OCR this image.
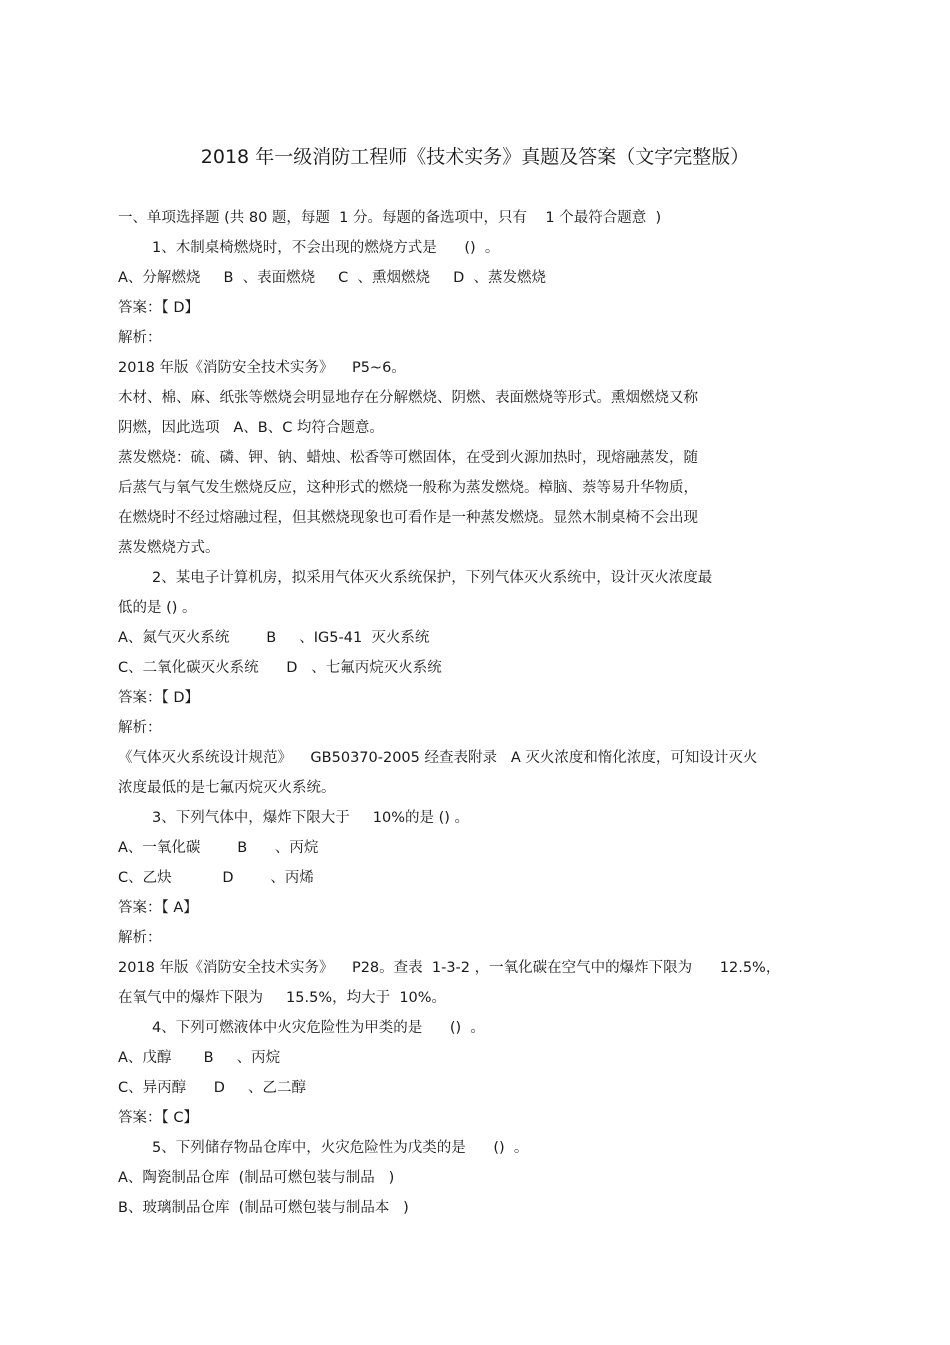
2018 年一级消防工程师《技术实务》真题及答案（文字完整版）
一、单项选择题 (共 80 题，每题  1 分。每题的备选项中，只有    1 个最符合题意  )
1、木制桌椅燃烧时，不会出现的燃烧方式是      ()  。
A、分解燃烧     B  、表面燃烧     C  、熏烟燃烧     D  、蒸发燃烧
答案：【 D】
解析：
2018 年版《消防安全技术实务》    P5~6。
木材、棉、麻、纸张等燃烧会明显地存在分解燃烧、阴燃、表面燃烧等形式。熏烟燃烧又称
阴燃，因此选项   A、B、C 均符合题意。
蒸发燃烧：硫、磷、钾、钠、蜡烛、松香等可燃固体，在受到火源加热时，现熔融蒸发，随
后蒸气与氧气发生燃烧反应，这种形式的燃烧一般称为蒸发燃烧。樟脑、萘等易升华物质，
在燃烧时不经过熔融过程，但其燃烧现象也可看作是一种蒸发燃烧。显然木制桌椅不会出现
蒸发燃烧方式。
2、某电子计算机房，拟采用气体灭火系统保护，下列气体灭火系统中，设计灭火浓度最
低的是 () 。
A、氮气灭火系统        B     、IG5-41  灭火系统
C、二氧化碳灭火系统      D   、七氟丙烷灭火系统
答案：【 D】
解析：
《气体灭火系统设计规范》    GB50370-2005 经查表附录   A 灭火浓度和惰化浓度，可知设计灭火
浓度最低的是七氟丙烷灭火系统。
3、下列气体中，爆炸下限大于     10%的是 () 。
A、一氧化碳        B      、丙烷
C、乙炔           D        、丙烯
答案：【 A】
解析：
2018 年版《消防安全技术实务》    P28。查表  1-3-2 ，一氧化碳在空气中的爆炸下限为      12.5%，
在氧气中的爆炸下限为     15.5%，均大于  10%。
4、下列可燃液体中火灾危险性为甲类的是      ()  。
A、戊醇       B     、丙烷
C、异丙醇      D     、乙二醇
答案：【 C】
5、下列储存物品仓库中，火灾危险性为戊类的是      ()  。
A、陶瓷制品仓库  (制品可燃包装与制品   )
B、玻璃制品仓库  (制品可燃包装与制品本   )
